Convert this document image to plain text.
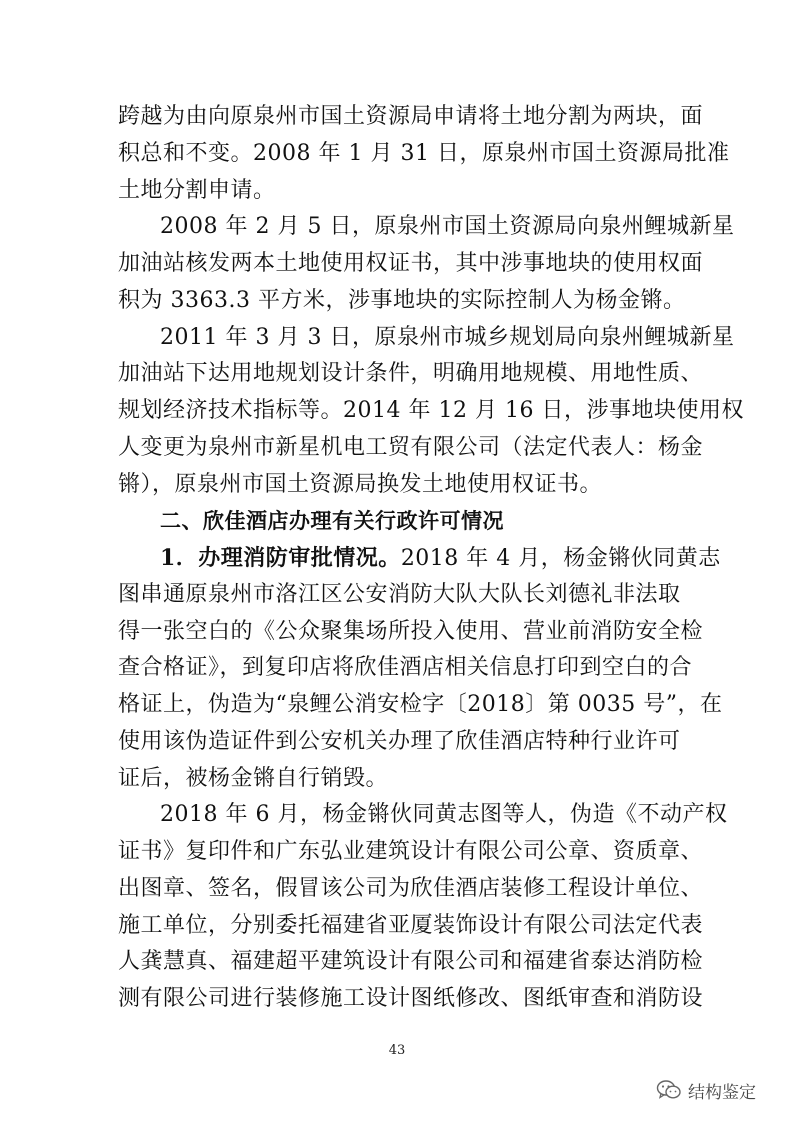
跨越为由向原泉州市国土资源局申请将土地分割为两块，面
积总和不变。2008 年 1 月 31 日，原泉州市国土资源局批准
土地分割申请。
2008 年 2 月 5 日，原泉州市国土资源局向泉州鲤城新星
加油站核发两本土地使用权证书，其中涉事地块的使用权面
积为 3363.3 平方米，涉事地块的实际控制人为杨金锵。
2011 年 3 月 3 日，原泉州市城乡规划局向泉州鲤城新星
加油站下达用地规划设计条件，明确用地规模、用地性质、
规划经济技术指标等。2014 年 12 月 16 日，涉事地块使用权
人变更为泉州市新星机电工贸有限公司（法定代表人：杨金
锵），原泉州市国土资源局换发土地使用权证书。
二、欣佳酒店办理有关行政许可情况
1．办理消防审批情况。2018 年 4 月，杨金锵伙同黄志
图串通原泉州市洛江区公安消防大队大队长刘德礼非法取
得一张空白的《公众聚集场所投入使用、营业前消防安全检
查合格证》，到复印店将欣佳酒店相关信息打印到空白的合
格证上，伪造为“泉鲤公消安检字〔2018〕第 0035 号”，在
使用该伪造证件到公安机关办理了欣佳酒店特种行业许可
证后，被杨金锵自行销毁。
2018 年 6 月，杨金锵伙同黄志图等人，伪造《不动产权
证书》复印件和广东弘业建筑设计有限公司公章、资质章、
出图章、签名，假冒该公司为欣佳酒店装修工程设计单位、
施工单位，分别委托福建省亚厦装饰设计有限公司法定代表
43
结构鉴定
人龚慧真、福建超平建筑设计有限公司和福建省泰达消防检
测有限公司进行装修施工设计图纸修改、图纸审查和消防设
